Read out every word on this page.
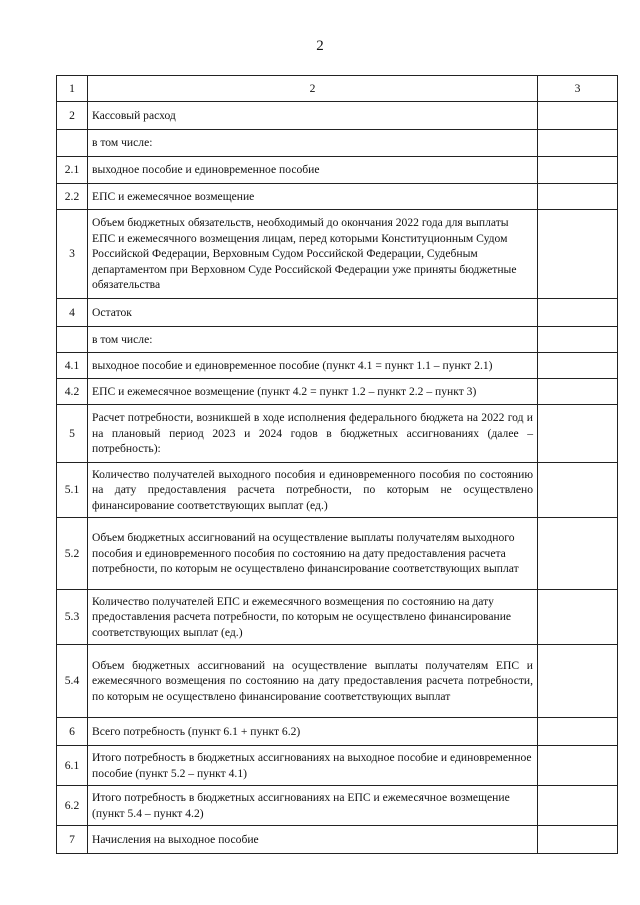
2
1	2	3
2	Кассовый расход	
	в том числе:	
2.1	выходное пособие и единовременное пособие	
2.2	ЕПС и ежемесячное возмещение	
3	Объем бюджетных обязательств, необходимый до окончания 2022 года для выплаты ЕПС и ежемесячного возмещения лицам, перед которыми Конституционным Судом Российской Федерации, Верховным Судом Российской Федерации, Судебным департаментом при Верховном Суде Российской Федерации уже приняты бюджетные обязательства	
4	Остаток	
	в том числе:	
4.1	выходное пособие и единовременное пособие (пункт 4.1 = пункт 1.1 – пункт 2.1)	
4.2	ЕПС и ежемесячное возмещение (пункт 4.2 = пункт 1.2 – пункт 2.2 – пункт 3)	
5	Расчет потребности, возникшей в ходе исполнения федерального бюджета на 2022 год и на плановый период 2023 и 2024 годов в бюджетных ассигнованиях (далее – потребность):	
5.1	Количество получателей выходного пособия и единовременного пособия по состоянию на дату предоставления расчета потребности, по которым не осуществлено финансирование соответствующих выплат (ед.)	
5.2	Объем бюджетных ассигнований на осуществление выплаты получателям выходного пособия и единовременного пособия по состоянию на дату предоставления расчета потребности, по которым не осуществлено финансирование соответствующих выплат	
5.3	Количество получателей ЕПС и ежемесячного возмещения по состоянию на дату предоставления расчета потребности, по которым не осуществлено финансирование соответствующих выплат (ед.)	
5.4	Объем бюджетных ассигнований на осуществление выплаты получателям ЕПС и ежемесячного возмещения по состоянию на дату предоставления расчета потребности, по которым не осуществлено финансирование соответствующих выплат	
6	Всего потребность (пункт 6.1 + пункт 6.2)	
6.1	Итого потребность в бюджетных ассигнованиях на выходное пособие и единовременное пособие (пункт 5.2 – пункт 4.1)	
6.2	Итого потребность в бюджетных ассигнованиях на ЕПС и ежемесячное возмещение (пункт 5.4 – пункт 4.2)	
7	Начисления на выходное пособие	
